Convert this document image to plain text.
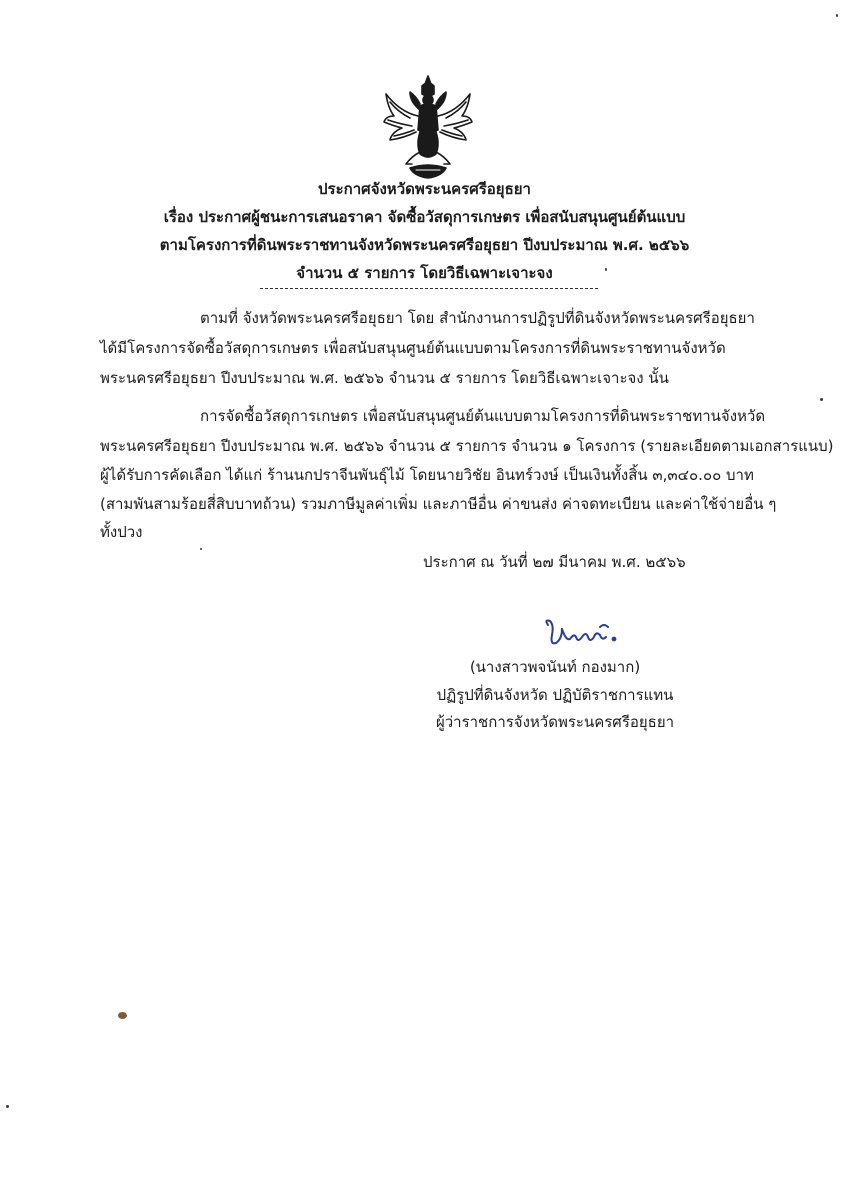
ประกาศจังหวัดพระนครศรีอยุธยา
เรื่อง ประกาศผู้ชนะการเสนอราคา จัดซื้อวัสดุการเกษตร เพื่อสนับสนุนศูนย์ต้นแบบ
ตามโครงการที่ดินพระราชทานจังหวัดพระนครศรีอยุธยา ปีงบประมาณ พ.ศ. ๒๕๖๖
จำนวน ๕ รายการ โดยวิธีเฉพาะเจาะจง
ตามที่ จังหวัดพระนครศรีอยุธยา โดย สำนักงานการปฏิรูปที่ดินจังหวัดพระนครศรีอยุธยา
ได้มีโครงการจัดซื้อวัสดุการเกษตร เพื่อสนับสนุนศูนย์ต้นแบบตามโครงการที่ดินพระราชทานจังหวัด
พระนครศรีอยุธยา ปีงบประมาณ พ.ศ. ๒๕๖๖ จำนวน ๕ รายการ โดยวิธีเฉพาะเจาะจง นั้น
การจัดซื้อวัสดุการเกษตร เพื่อสนับสนุนศูนย์ต้นแบบตามโครงการที่ดินพระราชทานจังหวัด
พระนครศรีอยุธยา ปีงบประมาณ พ.ศ. ๒๕๖๖ จำนวน ๕ รายการ จำนวน ๑ โครงการ (รายละเอียดตามเอกสารแนบ)
ผู้ได้รับการคัดเลือก ได้แก่ ร้านนกปราจีนพันธุ์ไม้ โดยนายวิชัย อินทร์วงษ์ เป็นเงินทั้งสิ้น ๓,๓๔๐.๐๐ บาท
(สามพันสามร้อยสี่สิบบาทถ้วน) รวมภาษีมูลค่าเพิ่ม และภาษีอื่น ค่าขนส่ง ค่าจดทะเบียน และค่าใช้จ่ายอื่น ๆ
ทั้งปวง
ประกาศ ณ วันที่ ๒๗ มีนาคม พ.ศ. ๒๕๖๖
(นางสาวพจนันท์ กองมาก)
ปฏิรูปที่ดินจังหวัด ปฏิบัติราชการแทน
ผู้ว่าราชการจังหวัดพระนครศรีอยุธยา
